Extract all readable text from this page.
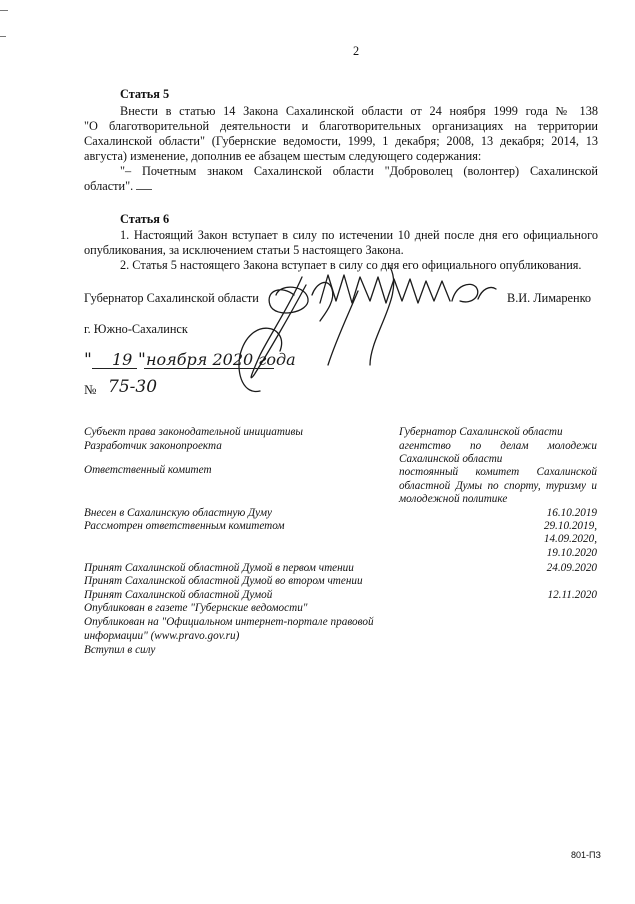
2
Статья 5
Внести в статью 14 Закона Сахалинской области от 24 ноября 1999 года № 138
"О благотворительной деятельности и благотворительных организациях на территории
Сахалинской области" (Губернские ведомости, 1999, 1 декабря; 2008, 13 декабря; 2014, 13
августа) изменение, дополнив ее абзацем шестым следующего содержания:
"– Почетным знаком Сахалинской области "Доброволец (волонтер) Сахалинской
области".
Статья 6
1. Настоящий Закон вступает в силу по истечении 10 дней после дня его официального
опубликования, за исключением статьи 5 настоящего Закона.
2. Статья 5 настоящего Закона вступает в силу со дня его официального опубликования.
Губернатор Сахалинской области	В.И. Лимаренко
г. Южно-Сахалинск
" 19 " ноября 2020 года
№ 75-30
Субъект права законодательной инициативы
Разработчик законопроекта
Ответственный комитет
Внесен в Сахалинскую областную Думу
Рассмотрен ответственным комитетом
Принят Сахалинской областной Думой в первом чтении
Принят Сахалинской областной Думой во втором чтении
Принят Сахалинской областной Думой
Опубликован в газете "Губернские ведомости"
Опубликован на "Официальном интернет-портале правовой
информации" (www.pravo.gov.ru)
Вступил в силу
Губернатор Сахалинской области
агентство по делам молодежи
Сахалинской области
постоянный комитет Сахалинской
областной Думы по спорту, туризму и
молодежной политике
16.10.2019
29.10.2019,
14.09.2020,
19.10.2020
24.09.2020
12.11.2020
801-ПЗ
